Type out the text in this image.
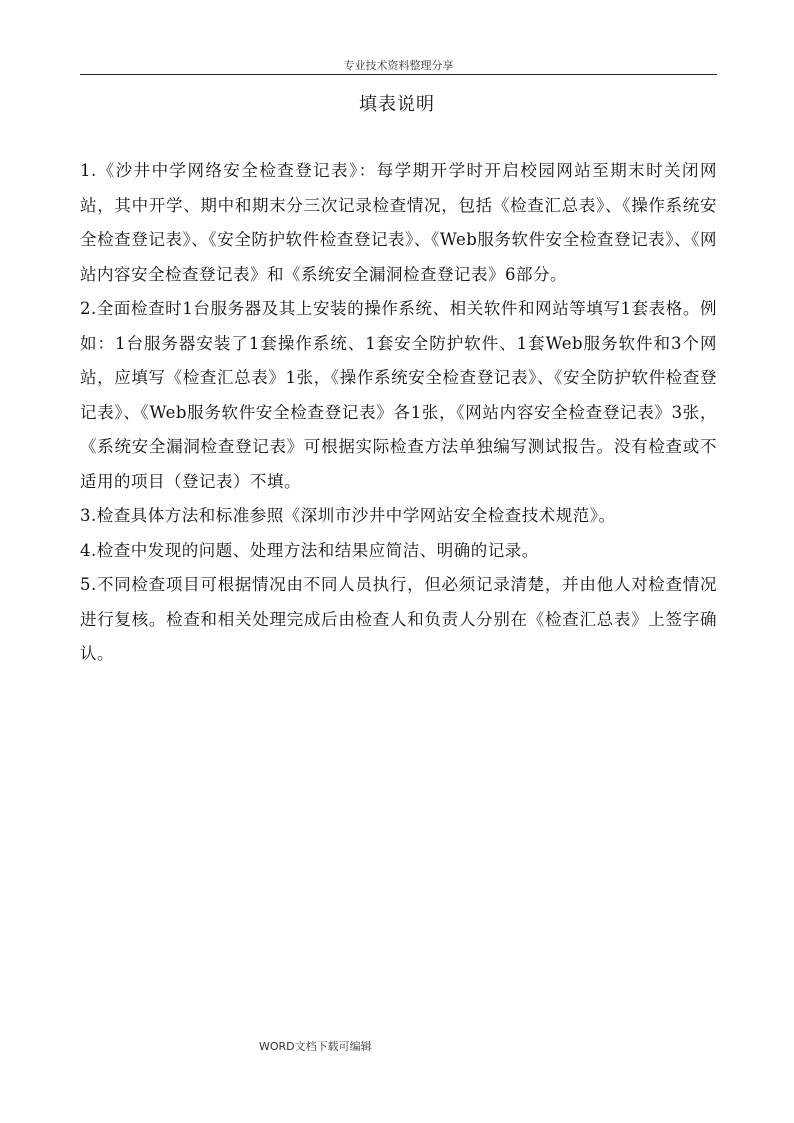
专业技术资料整理分享
填表说明

1.《沙井中学网络安全检查登记表》：每学期开学时开启校园网站至期末时关闭网站，其中开学、期中和期末分三次记录检查情况，包括《检查汇总表》、《操作系统安全检查登记表》、《安全防护软件检查登记表》、《Web服务软件安全检查登记表》、《网站内容安全检查登记表》和《系统安全漏洞检查登记表》6部分。

2.全面检查时1台服务器及其上安装的操作系统、相关软件和网站等填写1套表格。例如：1台服务器安装了1套操作系统、1套安全防护软件、1套Web服务软件和3个网站，应填写《检查汇总表》1张，《操作系统安全检查登记表》、《安全防护软件检查登记表》、《Web服务软件安全检查登记表》各1张，《网站内容安全检查登记表》3张，《系统安全漏洞检查登记表》可根据实际检查方法单独编写测试报告。没有检查或不适用的项目（登记表）不填。

3.检查具体方法和标准参照《深圳市沙井中学网站安全检查技术规范》。

4.检查中发现的问题、处理方法和结果应简洁、明确的记录。

5.不同检查项目可根据情况由不同人员执行，但必须记录清楚，并由他人对检查情况进行复核。检查和相关处理完成后由检查人和负责人分别在《检查汇总表》上签字确认。

WORD文档下载可编辑
